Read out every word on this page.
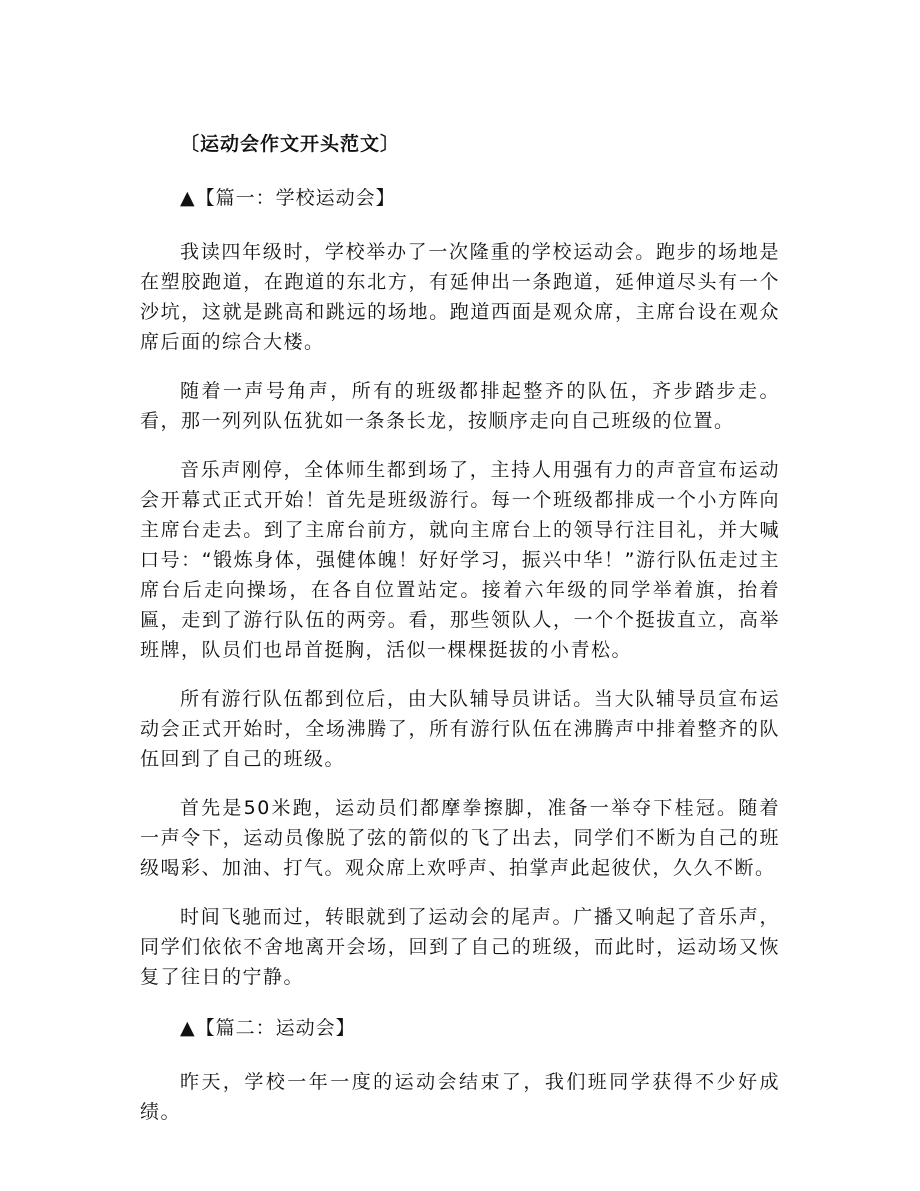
〔运动会作文开头范文〕
▲【篇一：学校运动会】

我读四年级时，学校举办了一次隆重的学校运动会。跑步的场地是在塑胶跑道，在跑道的东北方，有延伸出一条跑道，延伸道尽头有一个沙坑，这就是跳高和跳远的场地。跑道西面是观众席，主席台设在观众席后面的综合大楼。

随着一声号角声，所有的班级都排起整齐的队伍，齐步踏步走。看，那一列列队伍犹如一条条长龙，按顺序走向自己班级的位置。

音乐声刚停，全体师生都到场了，主持人用强有力的声音宣布运动会开幕式正式开始！首先是班级游行。每一个班级都排成一个小方阵向主席台走去。到了主席台前方，就向主席台上的领导行注目礼，并大喊口号：“锻炼身体，强健体魄！好好学习，振兴中华！”游行队伍走过主席台后走向操场，在各自位置站定。接着六年级的同学举着旗，抬着匾，走到了游行队伍的两旁。看，那些领队人，一个个挺拔直立，高举班牌，队员们也昂首挺胸，活似一棵棵挺拔的小青松。

所有游行队伍都到位后，由大队辅导员讲话。当大队辅导员宣布运动会正式开始时，全场沸腾了，所有游行队伍在沸腾声中排着整齐的队伍回到了自己的班级。

首先是50米跑，运动员们都摩拳擦脚，准备一举夺下桂冠。随着一声令下，运动员像脱了弦的箭似的飞了出去，同学们不断为自己的班级喝彩、加油、打气。观众席上欢呼声、拍掌声此起彼伏，久久不断。

时间飞驰而过，转眼就到了运动会的尾声。广播又响起了音乐声，同学们依依不舍地离开会场，回到了自己的班级，而此时，运动场又恢复了往日的宁静。

▲【篇二：运动会】

昨天，学校一年一度的运动会结束了，我们班同学获得不少好成绩。
